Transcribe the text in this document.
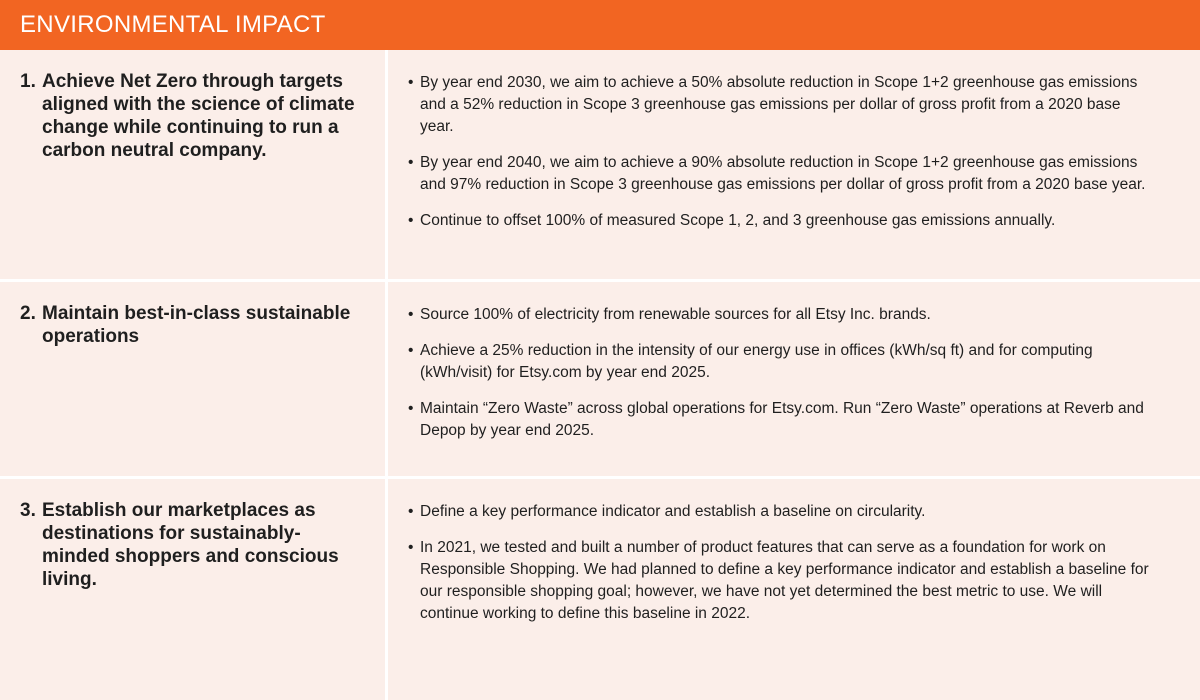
ENVIRONMENTAL IMPACT
1. Achieve Net Zero through targets aligned with the science of climate change while continuing to run a carbon neutral company.
• By year end 2030, we aim to achieve a 50% absolute reduction in Scope 1+2 greenhouse gas emissions and a 52% reduction in Scope 3 greenhouse gas emissions per dollar of gross profit from a 2020 base year.
• By year end 2040, we aim to achieve a 90% absolute reduction in Scope 1+2 greenhouse gas emissions and 97% reduction in Scope 3 greenhouse gas emissions per dollar of gross profit from a 2020 base year.
• Continue to offset 100% of measured Scope 1, 2, and 3 greenhouse gas emissions annually.
2. Maintain best-in-class sustainable operations
• Source 100% of electricity from renewable sources for all Etsy Inc. brands.
• Achieve a 25% reduction in the intensity of our energy use in offices (kWh/sq ft) and for computing (kWh/visit) for Etsy.com by year end 2025.
• Maintain “Zero Waste” across global operations for Etsy.com. Run “Zero Waste” operations at Reverb and Depop by year end 2025.
3. Establish our marketplaces as destinations for sustainably-minded shoppers and conscious living.
• Define a key performance indicator and establish a baseline on circularity.
• In 2021, we tested and built a number of product features that can serve as a foundation for work on Responsible Shopping. We had planned to define a key performance indicator and establish a baseline for our responsible shopping goal; however, we have not yet determined the best metric to use. We will continue working to define this baseline in 2022.
